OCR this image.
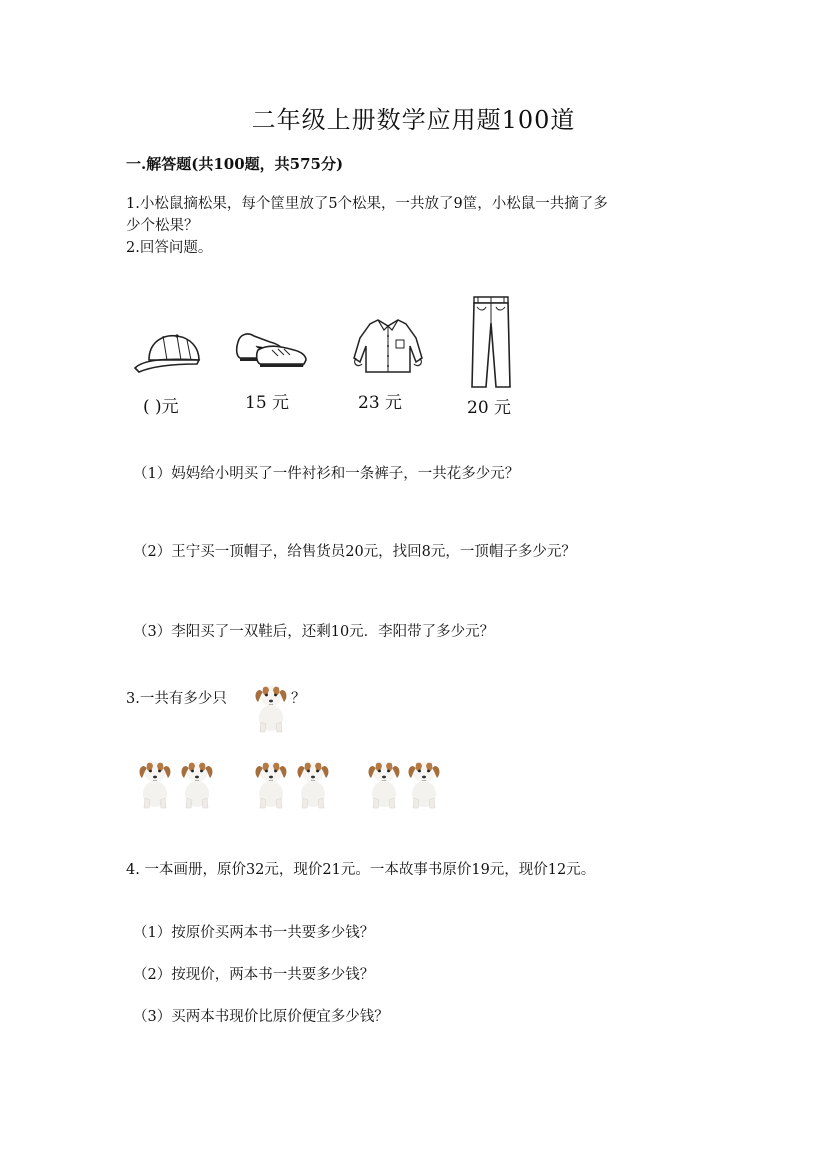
二年级上册数学应用题100道
一.解答题(共100题，共575分)
1.小松鼠摘松果，每个筐里放了5个松果，一共放了9筐，小松鼠一共摘了多
少个松果？
2.回答问题。
( )元	15 元	23 元	20 元
（1）妈妈给小明买了一件衬衫和一条裤子，一共花多少元？
（2）王宁买一顶帽子，给售货员20元，找回8元，一顶帽子多少元？
（3）李阳买了一双鞋后，还剩10元．李阳带了多少元？
3.一共有多少只	？
4. 一本画册，原价32元，现价21元。一本故事书原价19元，现价12元。
（1）按原价买两本书一共要多少钱？
（2）按现价，两本书一共要多少钱？
（3）买两本书现价比原价便宜多少钱？
